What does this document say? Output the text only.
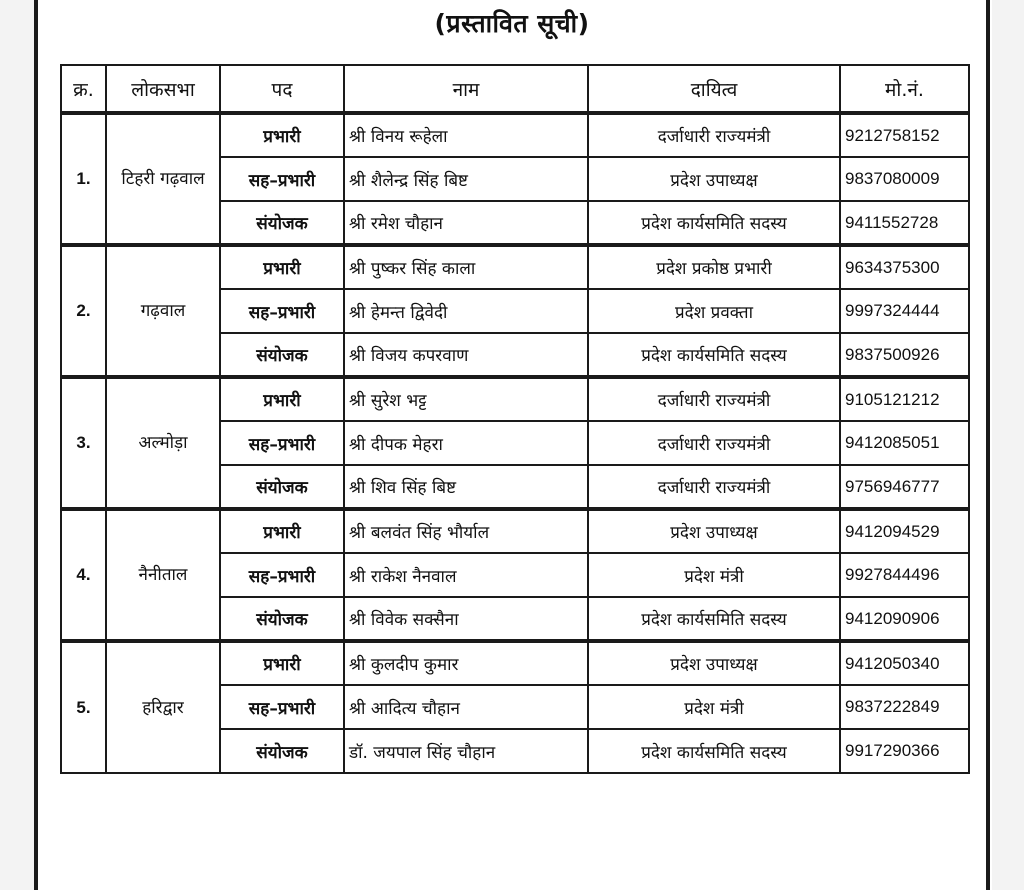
(प्रस्तावित सूची)
क्र.	लोकसभा	पद	नाम	दायित्व	मो.नं.
1.	टिहरी गढ़वाल	प्रभारी	श्री विनय रूहेला	दर्जाधारी राज्यमंत्री	9212758152
		सह–प्रभारी	श्री शैलेन्द्र सिंह बिष्ट	प्रदेश उपाध्यक्ष	9837080009
		संयोजक	श्री रमेश चौहान	प्रदेश कार्यसमिति सदस्य	9411552728
2.	गढ़वाल	प्रभारी	श्री पुष्कर सिंह काला	प्रदेश प्रकोष्ठ प्रभारी	9634375300
		सह–प्रभारी	श्री हेमन्त द्विवेदी	प्रदेश प्रवक्ता	9997324444
		संयोजक	श्री विजय कपरवाण	प्रदेश कार्यसमिति सदस्य	9837500926
3.	अल्मोड़ा	प्रभारी	श्री सुरेश भट्ट	दर्जाधारी राज्यमंत्री	9105121212
		सह–प्रभारी	श्री दीपक मेहरा	दर्जाधारी राज्यमंत्री	9412085051
		संयोजक	श्री शिव सिंह बिष्ट	दर्जाधारी राज्यमंत्री	9756946777
4.	नैनीताल	प्रभारी	श्री बलवंत सिंह भौर्याल	प्रदेश उपाध्यक्ष	9412094529
		सह–प्रभारी	श्री राकेश नैनवाल	प्रदेश मंत्री	9927844496
		संयोजक	श्री विवेक सक्सैना	प्रदेश कार्यसमिति सदस्य	9412090906
5.	हरिद्वार	प्रभारी	श्री कुलदीप कुमार	प्रदेश उपाध्यक्ष	9412050340
		सह–प्रभारी	श्री आदित्य चौहान	प्रदेश मंत्री	9837222849
		संयोजक	डॉ. जयपाल सिंह चौहान	प्रदेश कार्यसमिति सदस्य	9917290366
